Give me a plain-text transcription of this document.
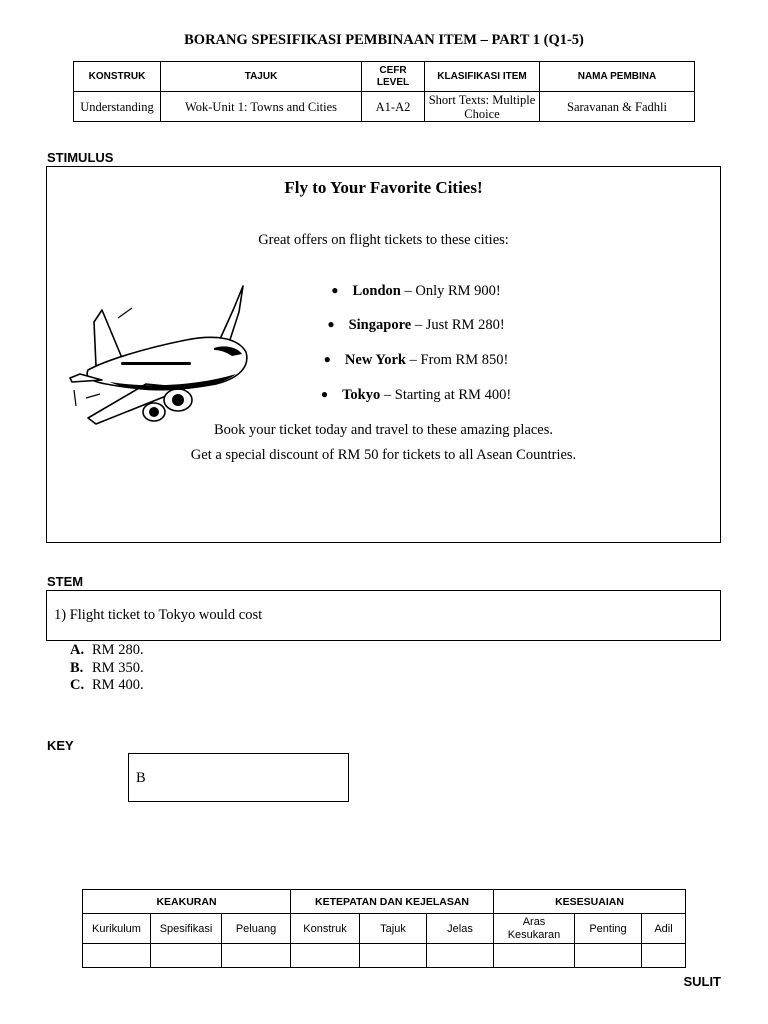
BORANG SPESIFIKASI PEMBINAAN ITEM – PART 1 (Q1-5)
KONSTRUK	TAJUK	CEFR LEVEL	KLASIFIKASI ITEM	NAMA PEMBINA
Understanding	Wok-Unit 1: Towns and Cities	A1-A2	Short Texts: Multiple Choice	Saravanan & Fadhli
STIMULUS
Fly to Your Favorite Cities!
Great offers on flight tickets to these cities:
● London – Only RM 900!
● Singapore – Just RM 280!
● New York – From RM 850!
● Tokyo – Starting at RM 400!
Book your ticket today and travel to these amazing places.
Get a special discount of RM 50 for tickets to all Asean Countries.
STEM
1) Flight ticket to Tokyo would cost
A. RM 280.
B. RM 350.
C. RM 400.
KEY
B
KEAKURAN			KETEPATAN DAN KEJELASAN			KESESUAIAN		
Kurikulum	Spesifikasi	Peluang	Konstruk	Tajuk	Jelas	Aras Kesukaran	Penting	Adil

SULIT
